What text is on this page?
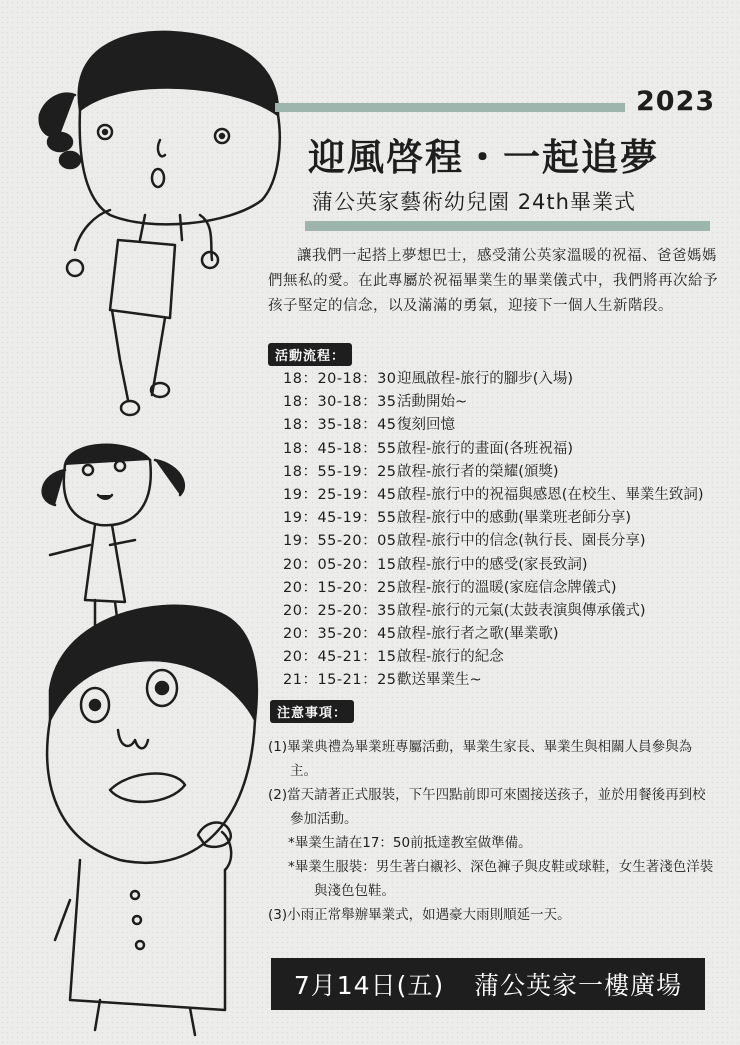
2023
迎風啓程・一起追夢
蒲公英家藝術幼兒園 24th畢業式
讓我們一起搭上夢想巴士，感受蒲公英家溫暖的祝福、爸爸媽媽們無私的愛。在此專屬於祝福畢業生的畢業儀式中，我們將再次給予孩子堅定的信念，以及滿滿的勇氣，迎接下一個人生新階段。
活動流程：
18：20-18：30迎風啟程-旅行的腳步(入場)
18：30-18：35活動開始~
18：35-18：45復刻回憶
18：45-18：55啟程-旅行的畫面(各班祝福)
18：55-19：25啟程-旅行者的榮耀(頒獎)
19：25-19：45啟程-旅行中的祝福與感恩(在校生、畢業生致詞)
19：45-19：55啟程-旅行中的感動(畢業班老師分享)
19：55-20：05啟程-旅行中的信念(執行長、園長分享)
20：05-20：15啟程-旅行中的感受(家長致詞)
20：15-20：25啟程-旅行的溫暖(家庭信念牌儀式)
20：25-20：35啟程-旅行的元氣(太鼓表演與傳承儀式)
20：35-20：45啟程-旅行者之歌(畢業歌)
20：45-21：15啟程-旅行的紀念
21：15-21：25歡送畢業生~
注意事項：
(1)畢業典禮為畢業班專屬活動，畢業生家長、畢業生與相關人員參與為主。
(2)當天請著正式服裝，下午四點前即可來園接送孩子，並於用餐後再到校參加活動。
*畢業生請在17：50前抵達教室做準備。
*畢業生服裝：男生著白襯衫、深色褲子與皮鞋或球鞋，女生著淺色洋裝與淺色包鞋。
(3)小雨正常舉辦畢業式，如遇豪大雨則順延一天。
7月14日(五) 蒲公英家一樓廣場
